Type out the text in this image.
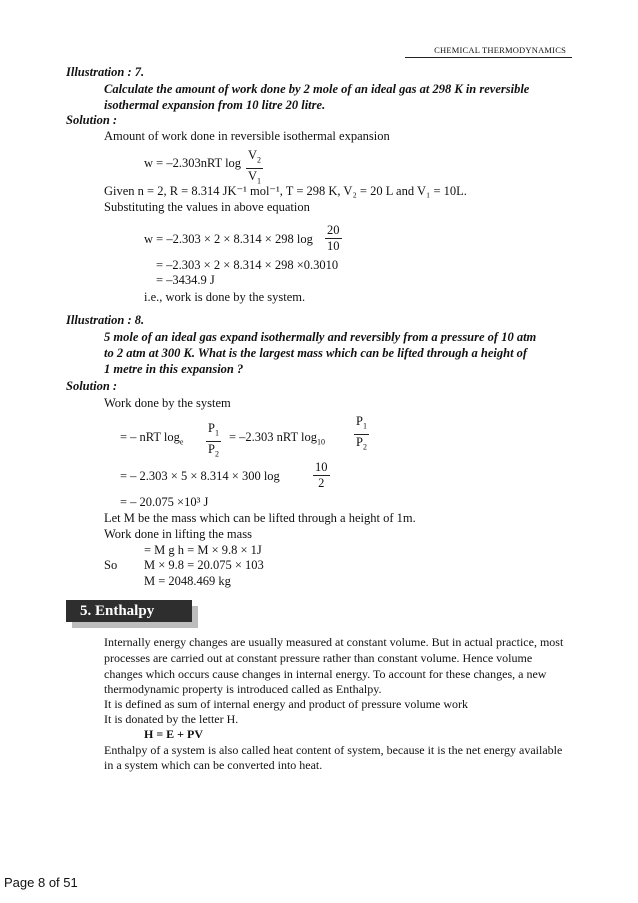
CHEMICAL THERMODYNAMICS
Illustration : 7.
Calculate the amount of work done by 2 mole of an ideal gas at 298 K in reversible
isothermal expansion from 10 litre 20 litre.
Solution :
Amount of work done in reversible isothermal expansion
w = –2.303nRT $\log \frac{V_2}{V_1}$
Given n = 2, R = 8.314 JK⁻¹ mol⁻¹, T = 298 K, V₂ = 20 L and V₁ = 10L.
Substituting the values in above equation
w = –2.303 × 2 × 8.314 × 298 $\log \frac{20}{10}$
= –2.303 × 2 × 8.314 × 298 ×0.3010
= –3434.9 J
i.e., work is done by the system.
Illustration : 8.
5 mole of an ideal gas expand isothermally and reversibly from a pressure of 10 atm
to 2 atm at 300 K. What is the largest mass which can be lifted through a height of
1 metre in this expansion ?
Solution :
Work done by the system
= – nRT $\log_e \frac{P_1}{P_2} = -2.303$ nRT $\log_{10} \frac{P_1}{P_2}$
= – 2.303 × 5 × 8.314 × 300 log	$\frac{10}{2}$
= – 20.075 ×10³ J
Let M be the mass which can be lifted through a height of 1m.
Work done in lifting the mass
= M g h = M × 9.8 × 1J
So M × 9.8 = 20.075 × 103
M = 2048.469 kg
5. Enthalpy
Internally energy changes are usually measured at constant volume. But in actual practice, most
processes are carried out at constant pressure rather than constant volume. Hence volume
changes which occurs cause changes in internal energy. To account for these changes, a new
thermodynamic property is introduced called as Enthalpy.
It is defined as sum of internal energy and product of pressure volume work
It is donated by the letter H.
H = E + PV
Enthalpy of a system is also called heat content of system, because it is the net energy available
in a system which can be converted into heat.
Page 8 of 51
